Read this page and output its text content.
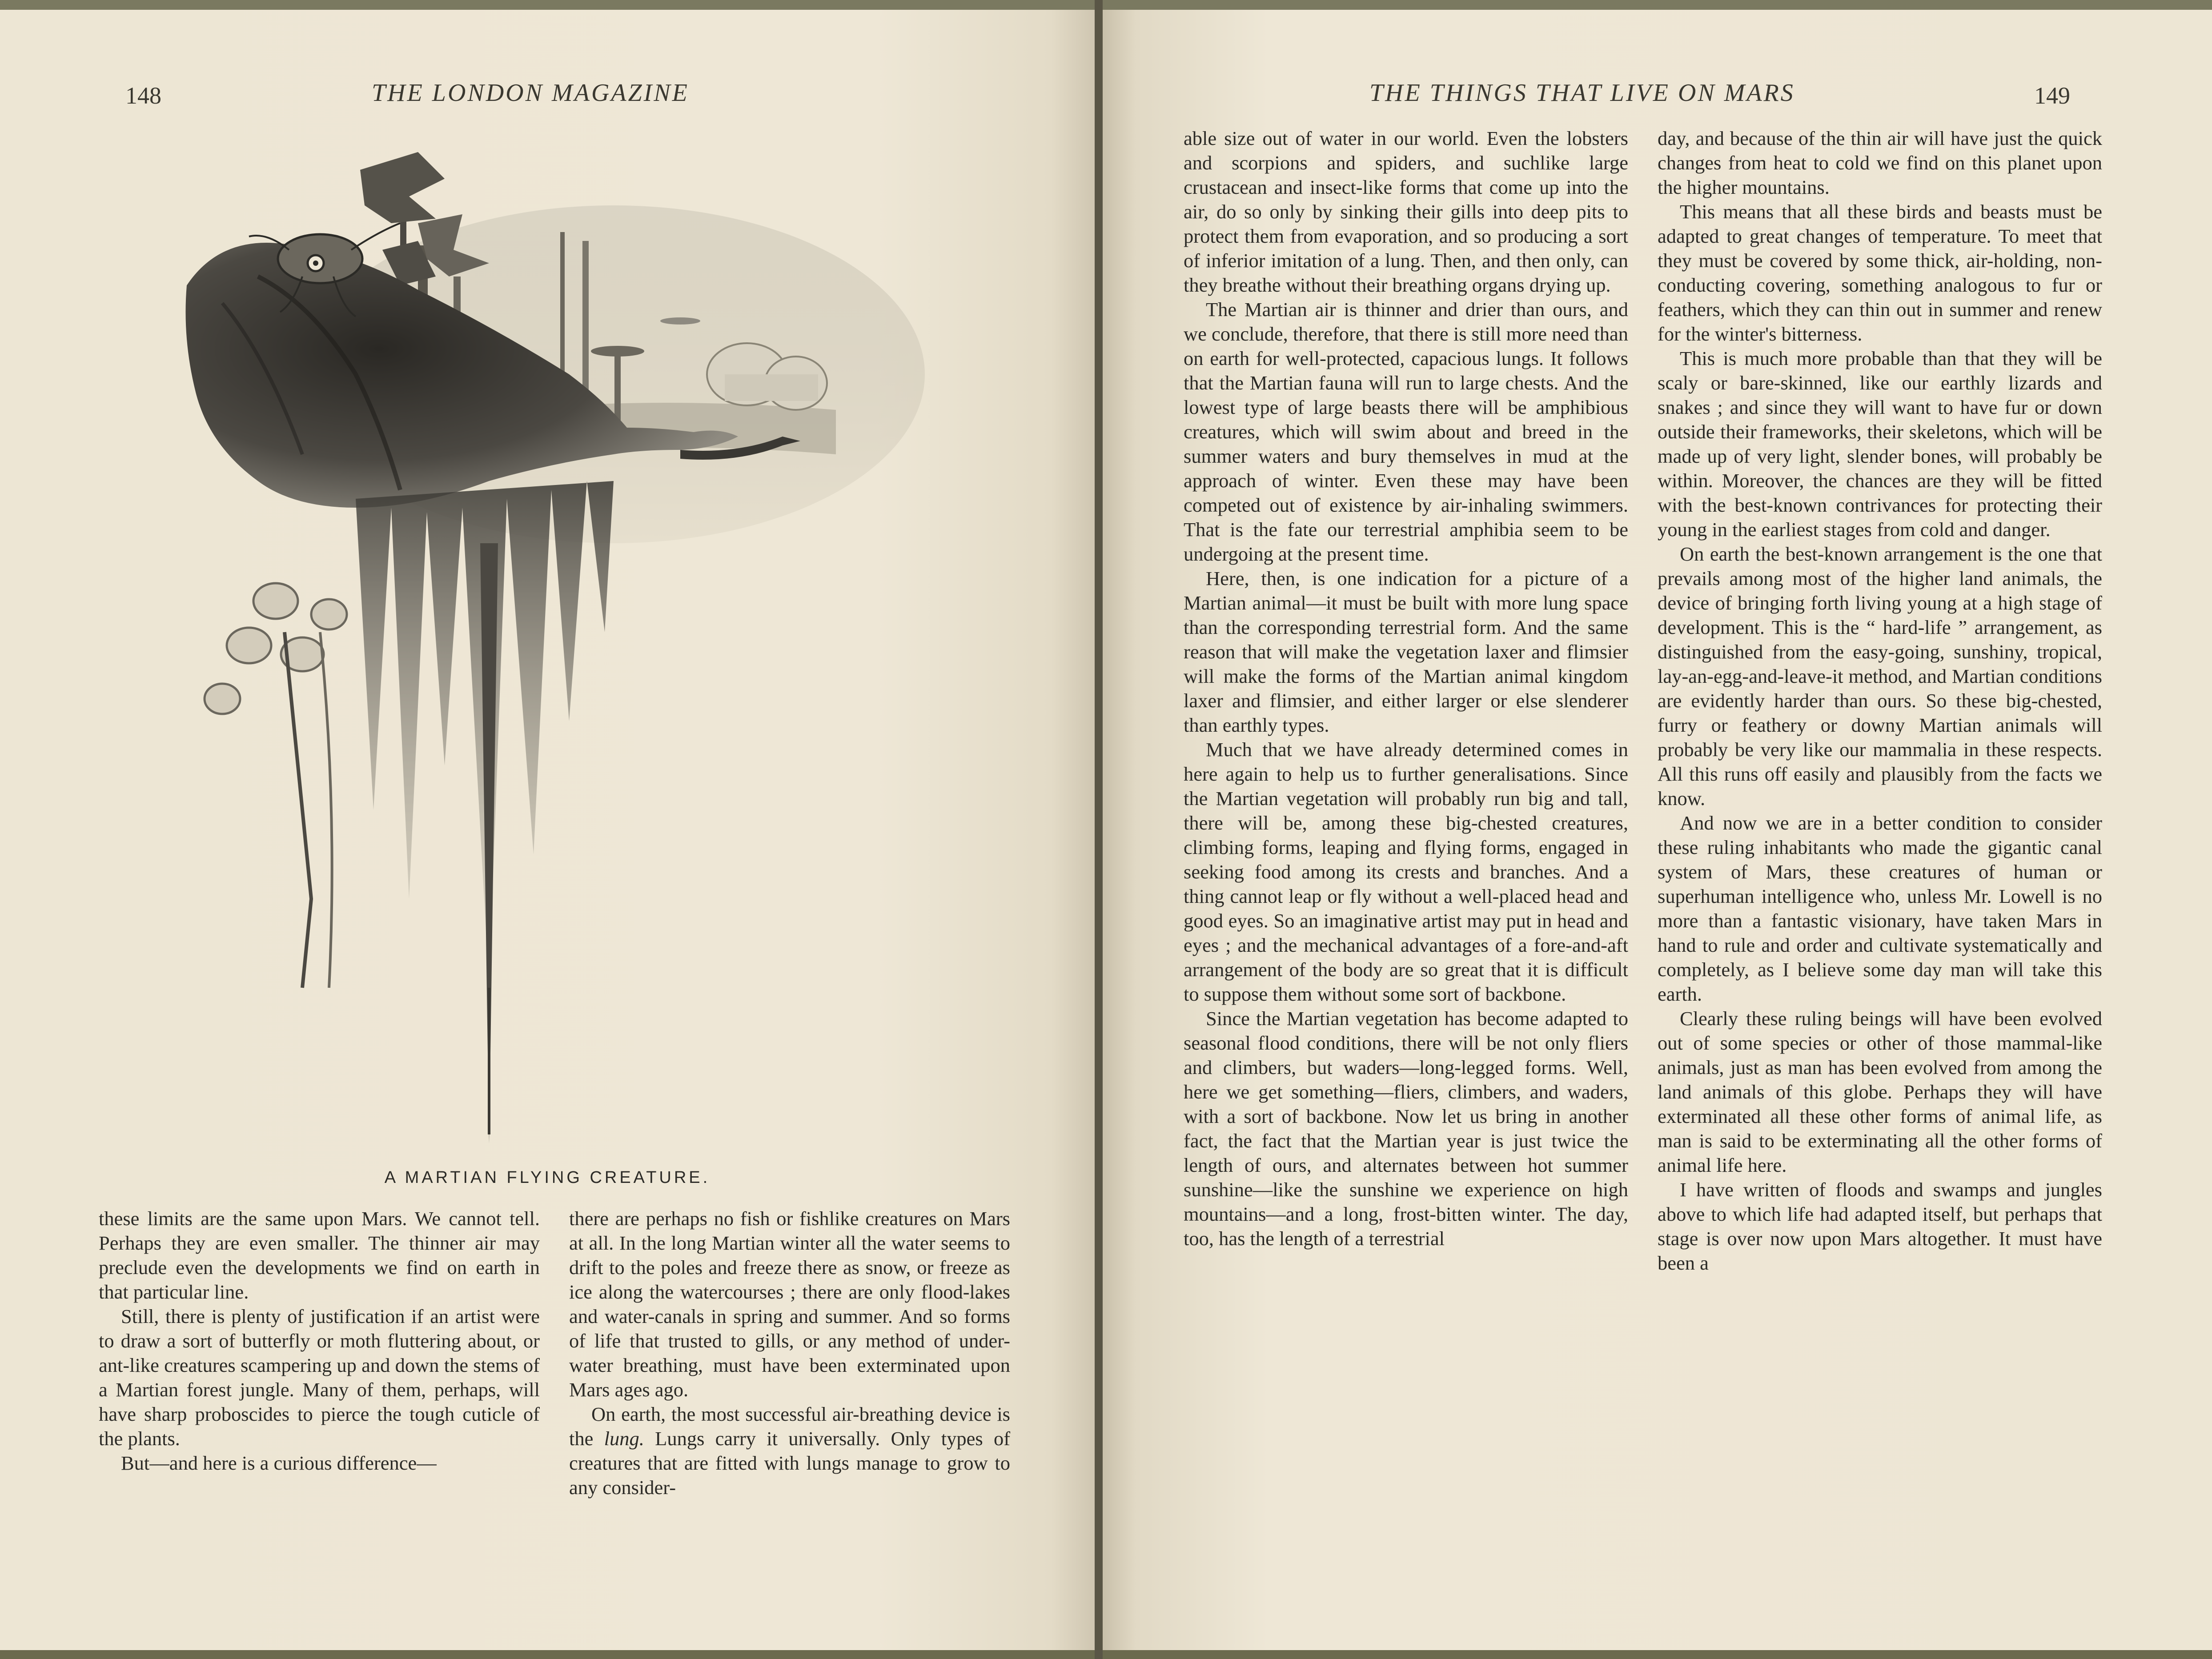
148	THE LONDON MAGAZINE
A MARTIAN FLYING CREATURE.

these limits are the same upon Mars. We cannot tell. Perhaps they are even smaller. The thinner air may preclude even the developments we find on earth in that particular line.

Still, there is plenty of justification if an artist were to draw a sort of butterfly or moth fluttering about, or ant-like creatures scampering up and down the stems of a Martian forest jungle. Many of them, perhaps, will have sharp proboscides to pierce the tough cuticle of the plants.

But—and here is a curious difference—

there are perhaps no fish or fishlike creatures on Mars at all. In the long Martian winter all the water seems to drift to the poles and freeze there as snow, or freeze as ice along the watercourses ; there are only flood-lakes and water-canals in spring and summer. And so forms of life that trusted to gills, or any method of under-water breathing, must have been exterminated upon Mars ages ago.

On earth, the most successful air-breathing device is the lung. Lungs carry it universally. Only types of creatures that are fitted with lungs manage to grow to any consider-

THE THINGS THAT LIVE ON MARS	149

able size out of water in our world. Even the lobsters and scorpions and spiders, and suchlike large crustacean and insect-like forms that come up into the air, do so only by sinking their gills into deep pits to protect them from evaporation, and so producing a sort of inferior imitation of a lung. Then, and then only, can they breathe without their breathing organs drying up.

The Martian air is thinner and drier than ours, and we conclude, therefore, that there is still more need than on earth for well-protected, capacious lungs. It follows that the Martian fauna will run to large chests. And the lowest type of large beasts there will be amphibious creatures, which will swim about and breed in the summer waters and bury themselves in mud at the approach of winter. Even these may have been competed out of existence by air-inhaling swimmers. That is the fate our terrestrial amphibia seem to be undergoing at the present time.

Here, then, is one indication for a picture of a Martian animal—it must be built with more lung space than the corresponding terrestrial form. And the same reason that will make the vegetation laxer and flimsier will make the forms of the Martian animal kingdom laxer and flimsier, and either larger or else slenderer than earthly types.

Much that we have already determined comes in here again to help us to further generalisations. Since the Martian vegetation will probably run big and tall, there will be, among these big-chested creatures, climbing forms, leaping and flying forms, engaged in seeking food among its crests and branches. And a thing cannot leap or fly without a well-placed head and good eyes. So an imaginative artist may put in head and eyes ; and the mechanical advantages of a fore-and-aft arrangement of the body are so great that it is difficult to suppose them without some sort of backbone.

Since the Martian vegetation has become adapted to seasonal flood conditions, there will be not only fliers and climbers, but waders—long-legged forms. Well, here we get something—fliers, climbers, and waders, with a sort of backbone. Now let us bring in another fact, the fact that the Martian year is just twice the length of ours, and alternates between hot summer sunshine—like the sunshine we experience on high mountains—and a long, frost-bitten winter. The day, too, has the length of a terrestrial

day, and because of the thin air will have just the quick changes from heat to cold we find on this planet upon the higher mountains.

This means that all these birds and beasts must be adapted to great changes of temperature. To meet that they must be covered by some thick, air-holding, non-conducting covering, something analogous to fur or feathers, which they can thin out in summer and renew for the winter's bitterness.

This is much more probable than that they will be scaly or bare-skinned, like our earthly lizards and snakes ; and since they will want to have fur or down outside their frameworks, their skeletons, which will be made up of very light, slender bones, will probably be within. Moreover, the chances are they will be fitted with the best-known contrivances for protecting their young in the earliest stages from cold and danger.

On earth the best-known arrangement is the one that prevails among most of the higher land animals, the device of bringing forth living young at a high stage of development. This is the “ hard-life ” arrangement, as distinguished from the easy-going, sunshiny, tropical, lay-an-egg-and-leave-it method, and Martian conditions are evidently harder than ours. So these big-chested, furry or feathery or downy Martian animals will probably be very like our mammalia in these respects. All this runs off easily and plausibly from the facts we know.

And now we are in a better condition to consider these ruling inhabitants who made the gigantic canal system of Mars, these creatures of human or superhuman intelligence who, unless Mr. Lowell is no more than a fantastic visionary, have taken Mars in hand to rule and order and cultivate systematically and completely, as I believe some day man will take this earth.

Clearly these ruling beings will have been evolved out of some species or other of those mammal-like animals, just as man has been evolved from among the land animals of this globe. Perhaps they will have exterminated all these other forms of animal life, as man is said to be exterminating all the other forms of animal life here.

I have written of floods and swamps and jungles above to which life had adapted itself, but perhaps that stage is over now upon Mars altogether. It must have been a
